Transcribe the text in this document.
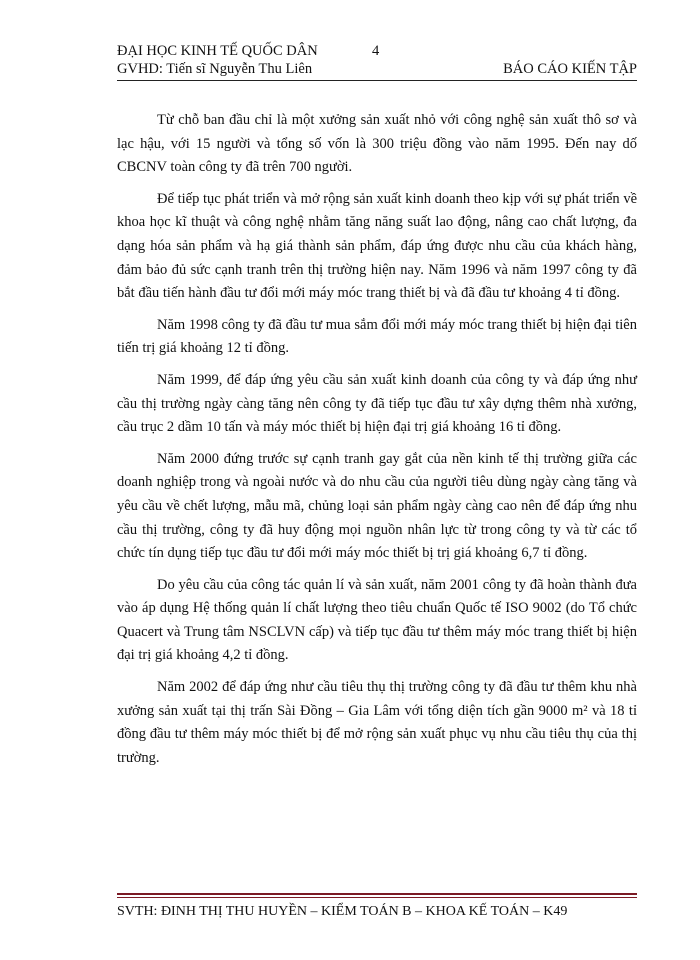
ĐẠI HỌC KINH TẾ QUỐC DÂN	4
GVHD: Tiến sĩ Nguyễn Thu Liên	BÁO CÁO KIẾN TẬP

Từ chỗ ban đầu chỉ là một xưởng sản xuất nhỏ với công nghệ sản xuất thô sơ và lạc hậu, với 15 người và tổng số vốn là 300 triệu đồng vào năm 1995. Đến nay dố CBCNV toàn công ty đã trên 700 người.

Để tiếp tục phát triển và mở rộng sản xuất kinh doanh theo kịp với sự phát triển về khoa học kĩ thuật và công nghệ nhằm tăng năng suất lao động, nâng cao chất lượng, đa dạng hóa sản phẩm và hạ giá thành sản phẩm, đáp ứng được nhu cầu của khách hàng, đảm bảo đủ sức cạnh tranh trên thị trường hiện nay. Năm 1996 và năm 1997 công ty đã bắt đầu tiến hành đầu tư đổi mới máy móc trang thiết bị và đã đầu tư khoảng 4 tỉ đồng.

Năm 1998 công ty đã đầu tư mua sắm đổi mới máy móc trang thiết bị hiện đại tiên tiến trị giá khoảng 12 tỉ đồng.

Năm 1999, để đáp ứng yêu cầu sản xuất kinh doanh của công ty và đáp ứng như cầu thị trường ngày càng tăng nên công ty đã tiếp tục đầu tư xây dựng thêm nhà xưởng, cầu trục 2 dầm 10 tấn và máy móc thiết bị hiện đại trị giá khoảng 16 tỉ đồng.

Năm 2000 đứng trước sự cạnh tranh gay gắt của nền kinh tế thị trường giữa các doanh nghiệp trong và ngoài nước và do nhu cầu của người tiêu dùng ngày càng tăng và yêu cầu về chết lượng, mẫu mã, chủng loại sản phẩm ngày càng cao nên để đáp ứng nhu cầu thị trường, công ty đã huy động mọi nguồn nhân lực từ trong công ty và từ các tổ chức tín dụng tiếp tục đầu tư đổi mới máy móc thiết bị trị giá khoảng 6,7 tỉ đồng.

Do yêu cầu của công tác quản lí và sản xuất, năm 2001 công ty đã hoàn thành đưa vào áp dụng Hệ thống quản lí chất lượng theo tiêu chuẩn Quốc tế ISO 9002 (do Tổ chức Quacert và Trung tâm NSCLVN cấp) và tiếp tục đầu tư thêm máy móc trang thiết bị hiện đại trị giá khoảng 4,2 tỉ đồng.

Năm 2002 để đáp ứng như cầu tiêu thụ thị trường công ty đã đầu tư thêm khu nhà xưởng sản xuất tại thị trấn Sài Đồng – Gia Lâm với tổng diện tích gần 9000 m² và 18 tỉ đồng đầu tư thêm máy móc thiết bị để mở rộng sản xuất phục vụ nhu cầu tiêu thụ của thị trường.

SVTH: ĐINH THỊ THU HUYỀN – KIỂM TOÁN B – KHOA KẾ TOÁN – K49
